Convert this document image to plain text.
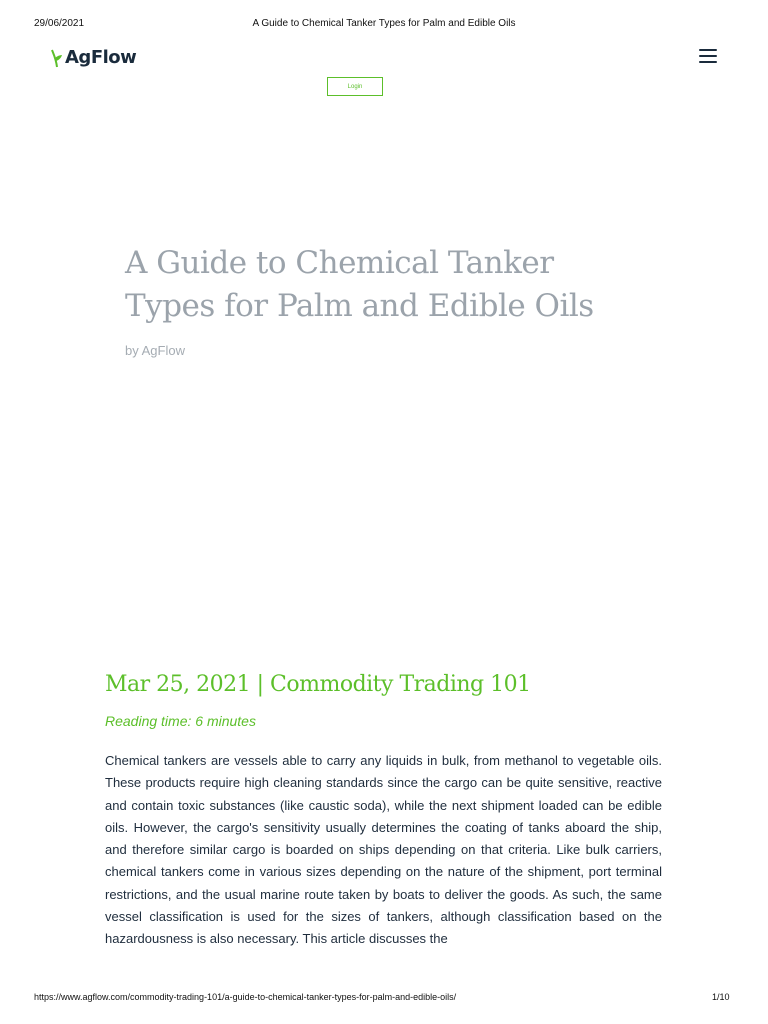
29/06/2021	A Guide to Chemical Tanker Types for Palm and Edible Oils
AgFlow
Login
A Guide to Chemical Tanker Types for Palm and Edible Oils
by AgFlow
Mar 25, 2021 | Commodity Trading 101
Reading time: 6 minutes

Chemical tankers are vessels able to carry any liquids in bulk, from methanol to vegetable oils. These products require high cleaning standards since the cargo can be quite sensitive, reactive and contain toxic substances (like caustic soda), while the next shipment loaded can be edible oils. However, the cargo's sensitivity usually determines the coating of tanks aboard the ship, and therefore similar cargo is boarded on ships depending on that criteria. Like bulk carriers, chemical tankers come in various sizes depending on the nature of the shipment, port terminal restrictions, and the usual marine route taken by boats to deliver the goods. As such, the same vessel classification is used for the sizes of tankers, although classification based on the hazardousness is also necessary. This article discusses the

https://www.agflow.com/commodity-trading-101/a-guide-to-chemical-tanker-types-for-palm-and-edible-oils/	1/10
